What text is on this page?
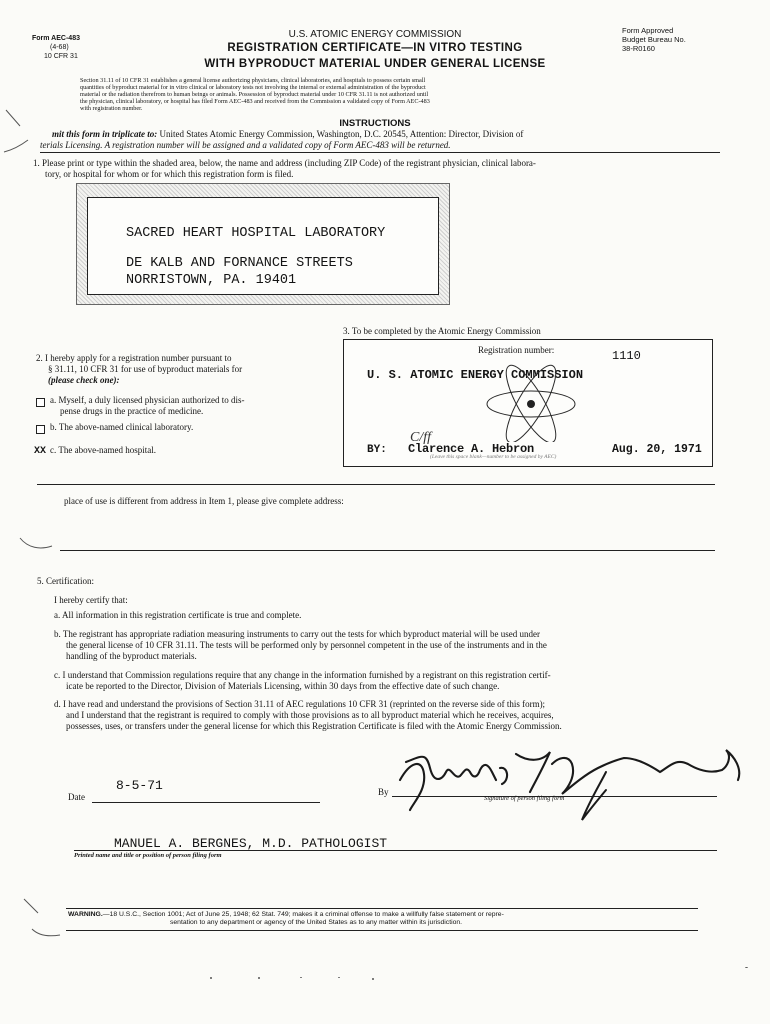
Form AEC-483
(4-68)
10 CFR 31
U.S. ATOMIC ENERGY COMMISSION
REGISTRATION CERTIFICATE—IN VITRO TESTING
WITH BYPRODUCT MATERIAL UNDER GENERAL LICENSE
Form Approved
Budget Bureau No.
38-R0160
Section 31.11 of 10 CFR 31 establishes a general license authorizing physicians, clinical laboratories, and hospitals to possess certain small
quantities of byproduct material for in vitro clinical or laboratory tests not involving the internal or external administration of the byproduct
material or the radiation therefrom to human beings or animals. Possession of byproduct material under 10 CFR 31.11 is not authorized until
the physician, clinical laboratory, or hospital has filed Form AEC-483 and received from the Commission a validated copy of Form AEC-483
with registration number.
INSTRUCTIONS
mit this form in triplicate to: United States Atomic Energy Commission, Washington, D.C. 20545, Attention: Director, Division of
terials Licensing. A registration number will be assigned and a validated copy of Form AEC-483 will be returned.
1. Please print or type within the shaded area, below, the name and address (including ZIP Code) of the registrant physician, clinical labora-
tory, or hospital for whom or for which this registration form is filed.
SACRED HEART HOSPITAL LABORATORY
DE KALB AND FORNANCE STREETS
NORRISTOWN, PA. 19401
2. I hereby apply for a registration number pursuant to
§ 31.11, 10 CFR 31 for use of byproduct materials for
(please check one):
a. Myself, a duly licensed physician authorized to dis-
pense drugs in the practice of medicine.
b. The above-named clinical laboratory.
XX c. The above-named hospital.
3. To be completed by the Atomic Energy Commission
Registration number:	1110
U. S. ATOMIC ENERGY COMMISSION
BY:
C/ff
Clarence A. Hebron
(Leave this space blank—number to be assigned by AEC)
Aug. 20, 1971
place of use is different from address in Item 1, please give complete address:
5. Certification:
I hereby certify that:
a. All information in this registration certificate is true and complete.
b. The registrant has appropriate radiation measuring instruments to carry out the tests for which byproduct material will be used under
the general license of 10 CFR 31.11. The tests will be performed only by personnel competent in the use of the instruments and in the
handling of the byproduct materials.
c. I understand that Commission regulations require that any change in the information furnished by a registrant on this registration certif-
icate be reported to the Director, Division of Materials Licensing, within 30 days from the effective date of such change.
d. I have read and understand the provisions of Section 31.11 of AEC regulations 10 CFR 31 (reprinted on the reverse side of this form);
and I understand that the registrant is required to comply with those provisions as to all byproduct material which he receives, acquires,
possesses, uses, or transfers under the general license for which this Registration Certificate is filed with the Atomic Energy Commission.
Date
8-5-71	By
Signature of person filing form
MANUEL A. BERGNES, M.D. PATHOLOGIST
Printed name and title or position of person filing form
WARNING.—18 U.S.C., Section 1001; Act of June 25, 1948; 62 Stat. 749; makes it a criminal offense to make a willfully false statement or repre-
sentation to any department or agency of the United States as to any matter within its jurisdiction.
